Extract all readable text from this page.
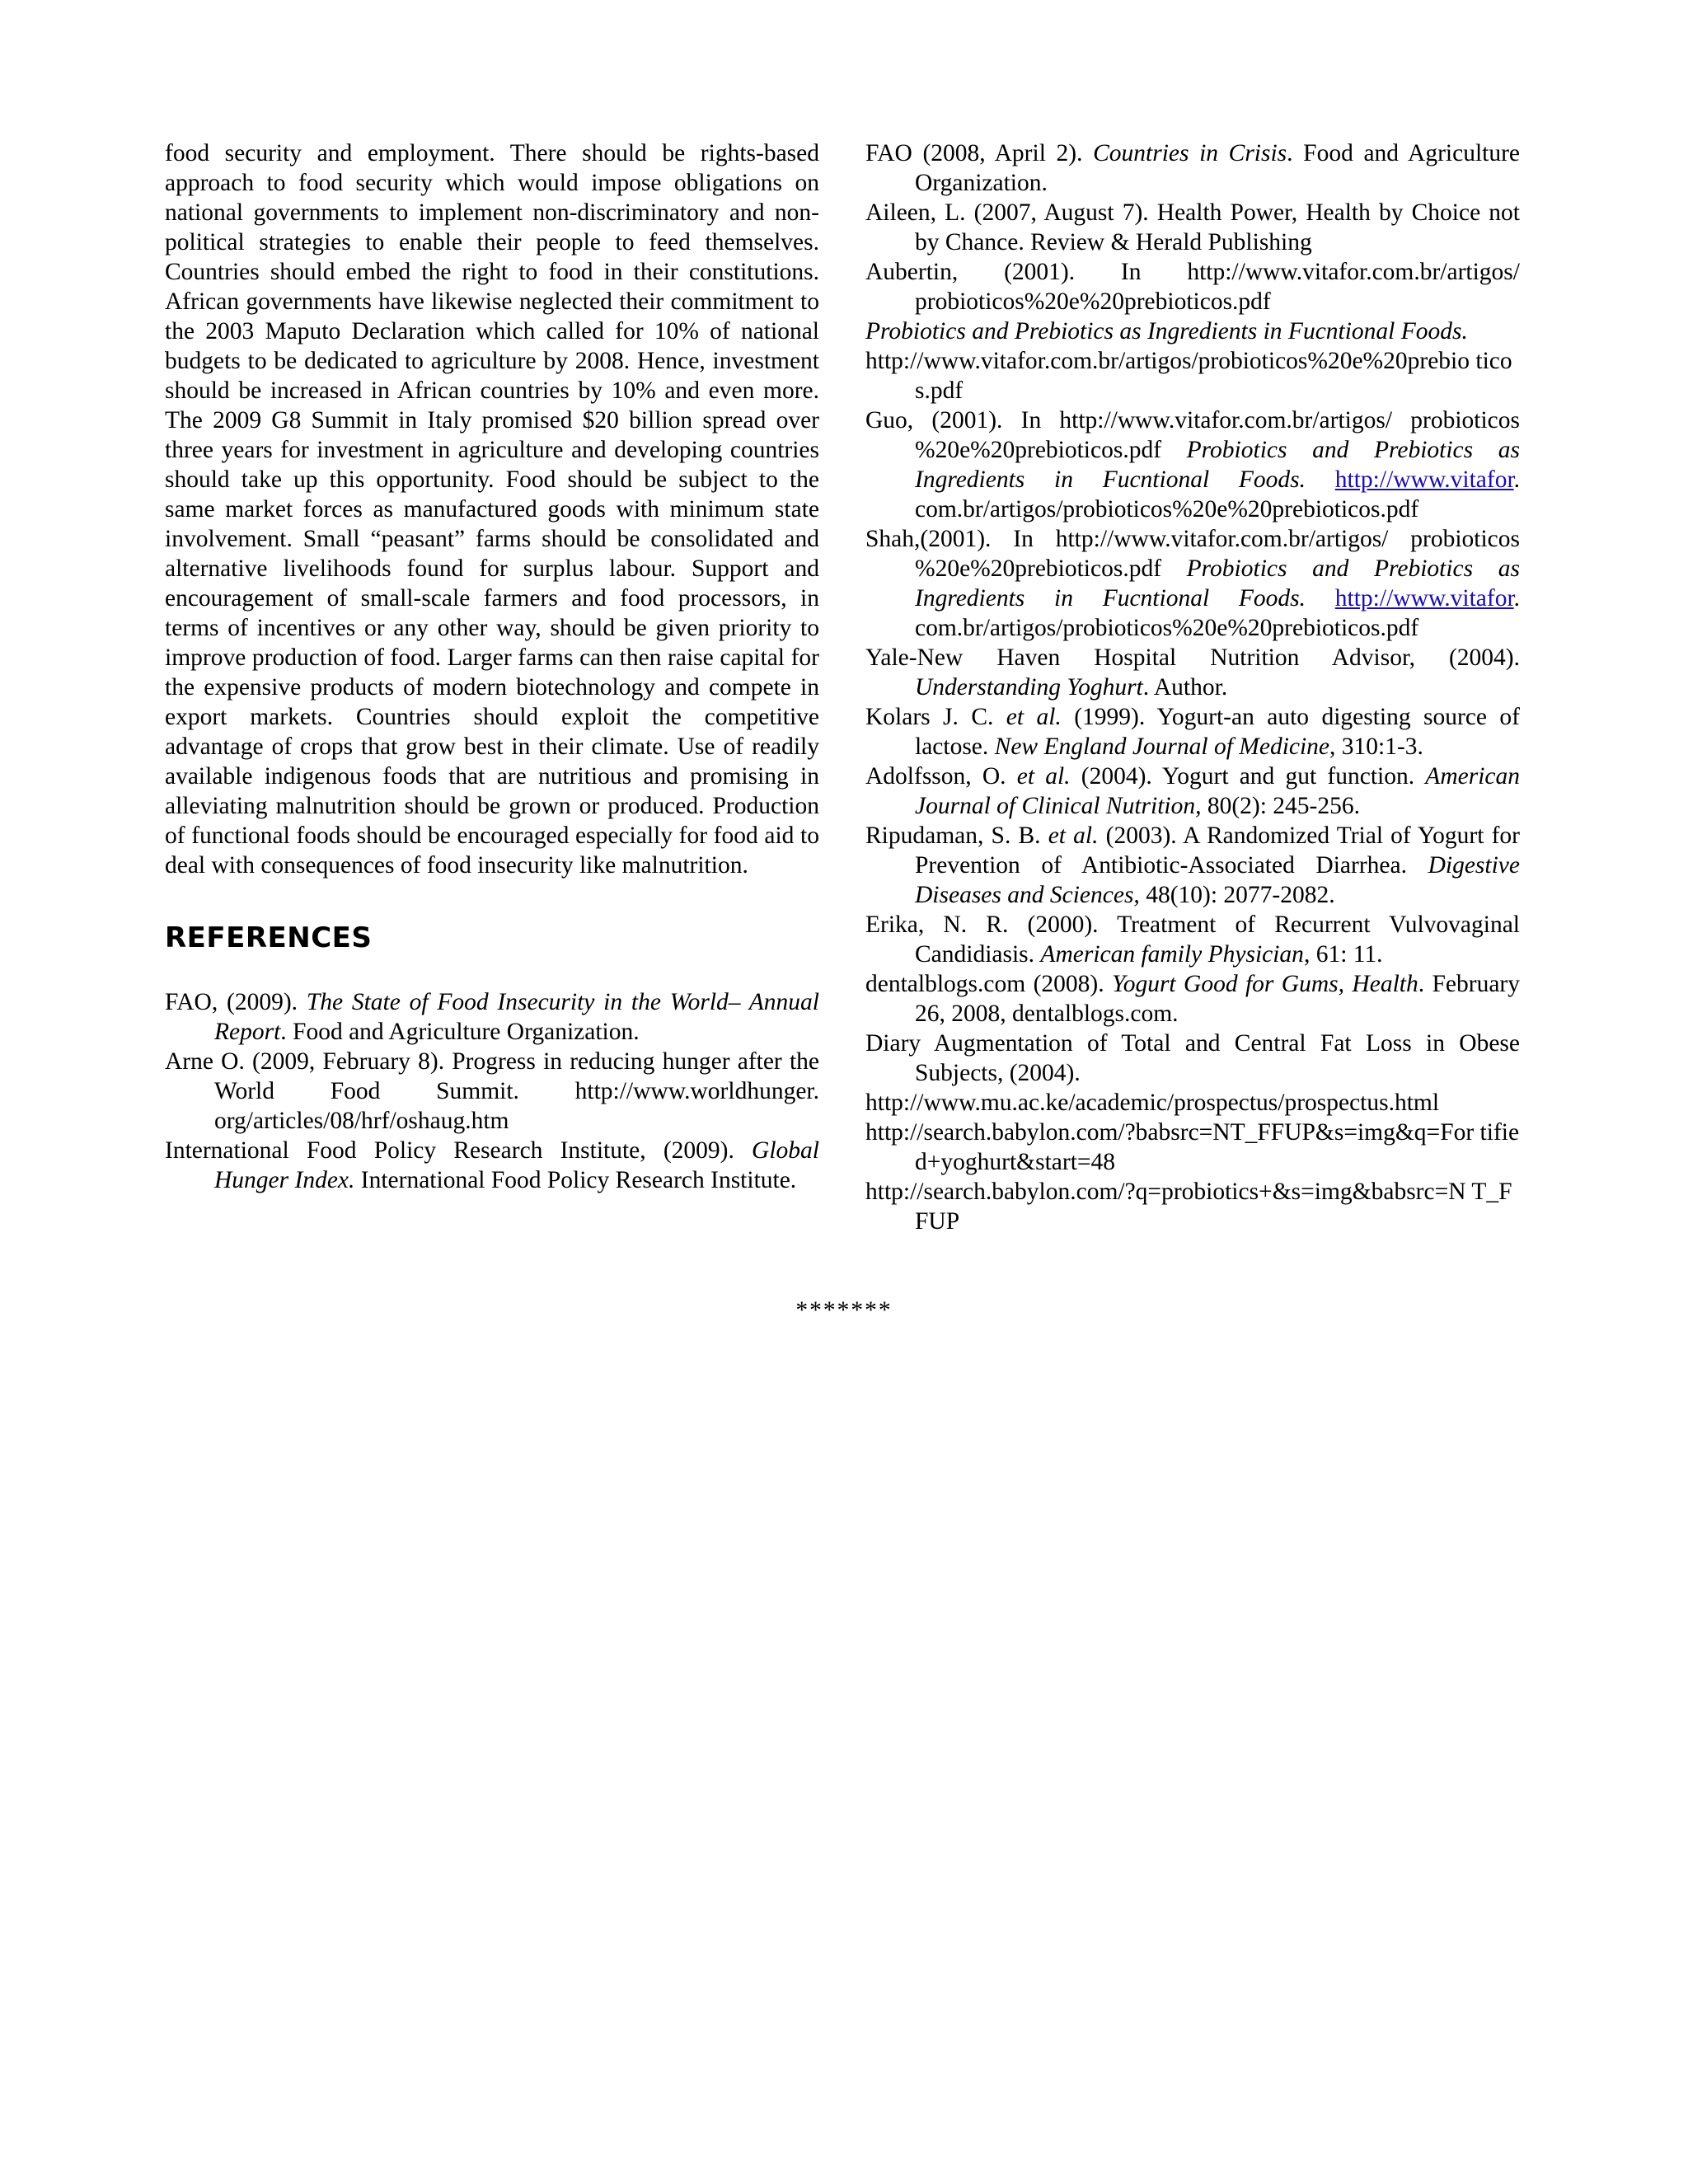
food security and employment. There should be rights-based approach to food security which would impose obligations on national governments to implement non-discriminatory and non-political strategies to enable their people to feed themselves. Countries should embed the right to food in their constitutions. African governments have likewise neglected their commitment to the 2003 Maputo Declaration which called for 10% of national budgets to be dedicated to agriculture by 2008. Hence, investment should be increased in African countries by 10% and even more. The 2009 G8 Summit in Italy promised $20 billion spread over three years for investment in agriculture and developing countries should take up this opportunity. Food should be subject to the same market forces as manufactured goods with minimum state involvement. Small “peasant” farms should be consolidated and alternative livelihoods found for surplus labour. Support and encouragement of small-scale farmers and food processors, in terms of incentives or any other way, should be given priority to improve production of food. Larger farms can then raise capital for the expensive products of modern biotechnology and compete in export markets. Countries should exploit the competitive advantage of crops that grow best in their climate. Use of readily available indigenous foods that are nutritious and promising in alleviating malnutrition should be grown or produced. Production of functional foods should be encouraged especially for food aid to deal with consequences of food insecurity like malnutrition.

REFERENCES

FAO, (2009). The State of Food Insecurity in the World– Annual Report. Food and Agriculture Organization.

Arne O. (2009, February 8). Progress in reducing hunger after the World Food Summit. http://www.worldhunger. org/articles/08/hrf/oshaug.htm

International Food Policy Research Institute, (2009). Global Hunger Index. International Food Policy Research Institute.

FAO (2008, April 2). Countries in Crisis. Food and Agriculture Organization.

Aileen, L. (2007, August 7). Health Power, Health by Choice not by Chance. Review & Herald Publishing

Aubertin, (2001). In http://www.vitafor.com.br/artigos/ probioticos%20e%20prebioticos.pdf

Probiotics and Prebiotics as Ingredients in Fucntional Foods.

http://www.vitafor.com.br/artigos/probioticos%20e%20prebio ticos.pdf

Guo, (2001). In http://www.vitafor.com.br/artigos/ probioticos %20e%20prebioticos.pdf Probiotics and Prebiotics as Ingredients in Fucntional Foods. http://www.vitafor. com.br/artigos/probioticos%20e%20prebioticos.pdf

Shah,(2001). In http://www.vitafor.com.br/artigos/ probioticos %20e%20prebioticos.pdf Probiotics and Prebiotics as Ingredients in Fucntional Foods. http://www.vitafor. com.br/artigos/probioticos%20e%20prebioticos.pdf

Yale-New Haven Hospital Nutrition Advisor, (2004). Understanding Yoghurt. Author.

Kolars J. C. et al. (1999). Yogurt-an auto digesting source of lactose. New England Journal of Medicine, 310:1-3.

Adolfsson, O. et al. (2004). Yogurt and gut function. American Journal of Clinical Nutrition, 80(2): 245-256.

Ripudaman, S. B. et al. (2003). A Randomized Trial of Yogurt for Prevention of Antibiotic-Associated Diarrhea. Digestive Diseases and Sciences, 48(10): 2077-2082.

Erika, N. R. (2000). Treatment of Recurrent Vulvovaginal Candidiasis. American family Physician, 61: 11.

dentalblogs.com (2008). Yogurt Good for Gums, Health. February 26, 2008, dentalblogs.com.

Diary Augmentation of Total and Central Fat Loss in Obese Subjects, (2004).

http://www.mu.ac.ke/academic/prospectus/prospectus.html

http://search.babylon.com/?babsrc=NT_FFUP&s=img&q=For tified+yoghurt&start=48

http://search.babylon.com/?q=probiotics+&s=img&babsrc=N T_FFUP

*******
